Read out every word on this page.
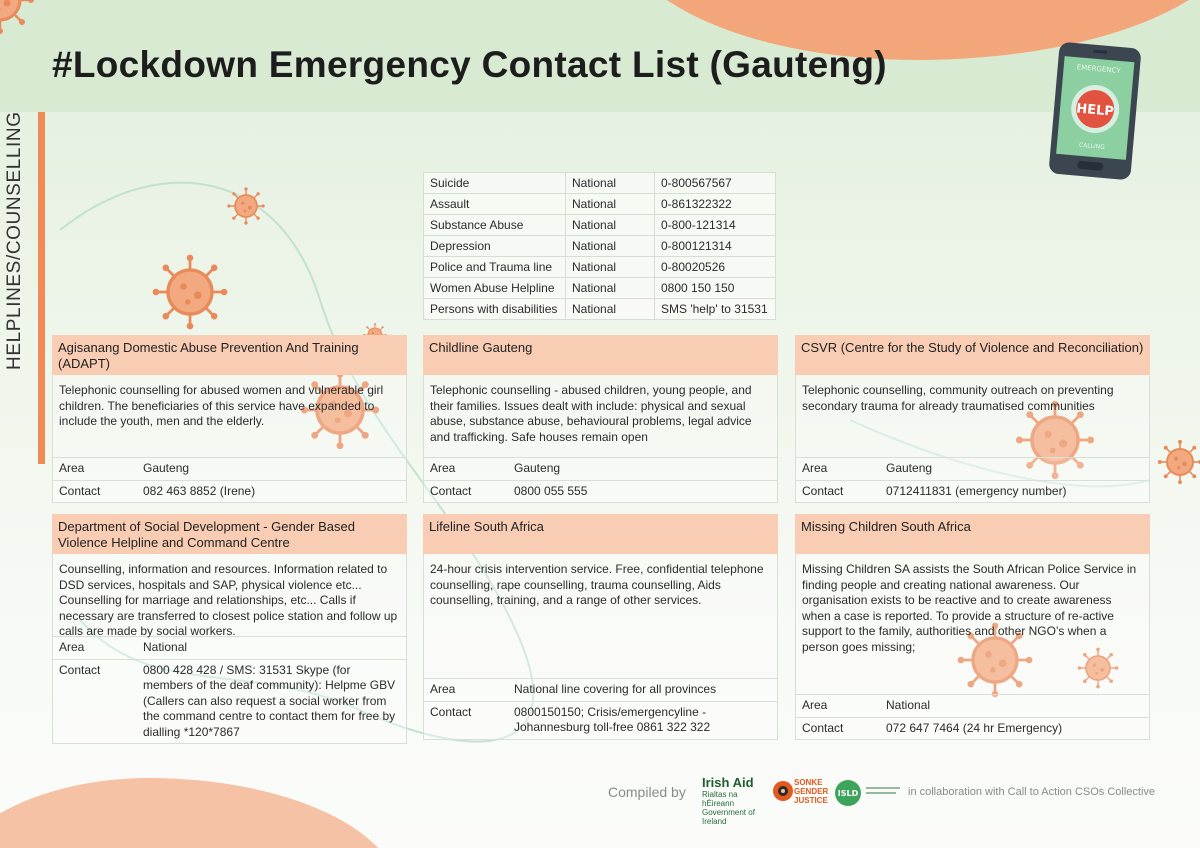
#Lockdown Emergency Contact List (Gauteng)
HELPLINES/COUNSELLING
EMERGENCY
HELP
CALLING
Suicide	National	0-800567567
Assault	National	0-861322322
Substance Abuse	National	0-800-121314
Depression	National	0-800121314
Police and Trauma line	National	0-80020526
Women Abuse Helpline	National	0800 150 150
Persons with disabilities	National	SMS 'help' to 31531
Agisanang Domestic Abuse Prevention And Training (ADAPT)
Telephonic counselling for abused women and vulnerable girl children. The beneficiaries of this service have expanded to include the youth, men and the elderly.
Area	Gauteng
Contact	082 463 8852 (Irene)
Childline Gauteng
Telephonic counselling - abused children, young people, and their families. Issues dealt with include: physical and sexual abuse, substance abuse, behavioural problems, legal advice and trafficking. Safe houses remain open
Area	Gauteng
Contact	0800 055 555
CSVR (Centre for the Study of Violence and Reconciliation)
Telephonic counselling, community outreach on preventing secondary trauma for already traumatised communities
Area	Gauteng
Contact	0712411831 (emergency number)
Department of Social Development - Gender Based Violence Helpline and Command Centre
Counselling, information and resources. Information related to DSD services, hospitals and SAP, physical violence etc... Counselling for marriage and relationships, etc... Calls if necessary are transferred to closest police station and follow up calls are made by social workers.
Area	National
Contact	0800 428 428 / SMS: 31531 Skype (for members of the deaf community): Helpme GBV (Callers can also request a social worker from the command centre to contact them for free by dialling *120*7867
Lifeline South Africa
24-hour crisis intervention service. Free, confidential telephone counselling, rape counselling, trauma counselling, Aids counselling, training, and a range of other services.
Area	National line covering for all provinces
Contact	0800150150; Crisis/emergencyline - Johannesburg toll-free 0861 322 322
Missing Children South Africa
Missing Children SA assists the South African Police Service in finding people and creating national awareness. Our organisation exists to be reactive and to create awareness when a case is reported. To provide a structure of re-active support to the family, authorities and other NGO’s when a person goes missing;
Area	National
Contact	072 647 7464 (24 hr Emergency)
Compiled by
Irish Aid
Rialtas na hÉireann
Government of Ireland
SONKE
GENDER
JUSTICE
ISLD	in collaboration with Call to Action CSOs Collective
